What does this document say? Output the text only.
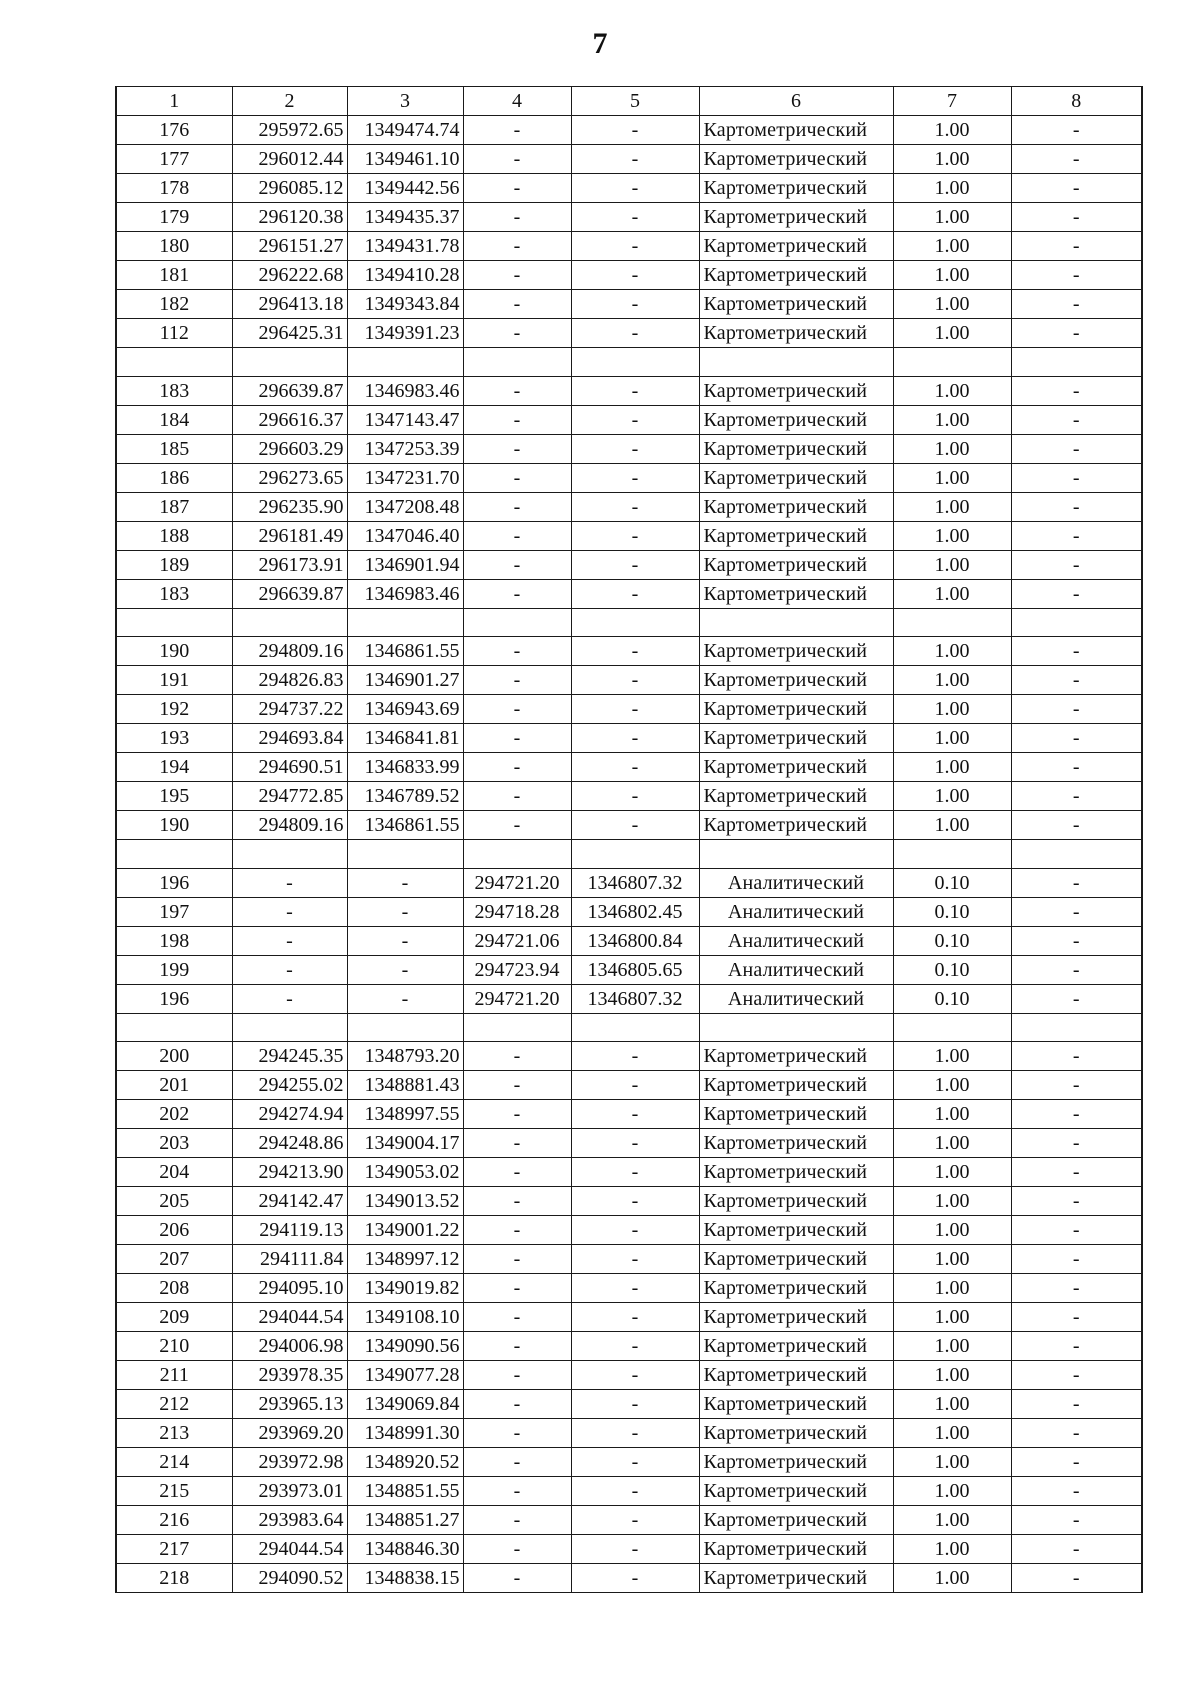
7
1	2	3	4	5	6	7	8
176	295972.65	1349474.74	-	-	Картометрический	1.00	-
177	296012.44	1349461.10	-	-	Картометрический	1.00	-
178	296085.12	1349442.56	-	-	Картометрический	1.00	-
179	296120.38	1349435.37	-	-	Картометрический	1.00	-
180	296151.27	1349431.78	-	-	Картометрический	1.00	-
181	296222.68	1349410.28	-	-	Картометрический	1.00	-
182	296413.18	1349343.84	-	-	Картометрический	1.00	-
112	296425.31	1349391.23	-	-	Картометрический	1.00	-

183	296639.87	1346983.46	-	-	Картометрический	1.00	-
184	296616.37	1347143.47	-	-	Картометрический	1.00	-
185	296603.29	1347253.39	-	-	Картометрический	1.00	-
186	296273.65	1347231.70	-	-	Картометрический	1.00	-
187	296235.90	1347208.48	-	-	Картометрический	1.00	-
188	296181.49	1347046.40	-	-	Картометрический	1.00	-
189	296173.91	1346901.94	-	-	Картометрический	1.00	-
183	296639.87	1346983.46	-	-	Картометрический	1.00	-

190	294809.16	1346861.55	-	-	Картометрический	1.00	-
191	294826.83	1346901.27	-	-	Картометрический	1.00	-
192	294737.22	1346943.69	-	-	Картометрический	1.00	-
193	294693.84	1346841.81	-	-	Картометрический	1.00	-
194	294690.51	1346833.99	-	-	Картометрический	1.00	-
195	294772.85	1346789.52	-	-	Картометрический	1.00	-
190	294809.16	1346861.55	-	-	Картометрический	1.00	-

196	-	-	294721.20	1346807.32	Аналитический	0.10	-
197	-	-	294718.28	1346802.45	Аналитический	0.10	-
198	-	-	294721.06	1346800.84	Аналитический	0.10	-
199	-	-	294723.94	1346805.65	Аналитический	0.10	-
196	-	-	294721.20	1346807.32	Аналитический	0.10	-

200	294245.35	1348793.20	-	-	Картометрический	1.00	-
201	294255.02	1348881.43	-	-	Картометрический	1.00	-
202	294274.94	1348997.55	-	-	Картометрический	1.00	-
203	294248.86	1349004.17	-	-	Картометрический	1.00	-
204	294213.90	1349053.02	-	-	Картометрический	1.00	-
205	294142.47	1349013.52	-	-	Картометрический	1.00	-
206	294119.13	1349001.22	-	-	Картометрический	1.00	-
207	294111.84	1348997.12	-	-	Картометрический	1.00	-
208	294095.10	1349019.82	-	-	Картометрический	1.00	-
209	294044.54	1349108.10	-	-	Картометрический	1.00	-
210	294006.98	1349090.56	-	-	Картометрический	1.00	-
211	293978.35	1349077.28	-	-	Картометрический	1.00	-
212	293965.13	1349069.84	-	-	Картометрический	1.00	-
213	293969.20	1348991.30	-	-	Картометрический	1.00	-
214	293972.98	1348920.52	-	-	Картометрический	1.00	-
215	293973.01	1348851.55	-	-	Картометрический	1.00	-
216	293983.64	1348851.27	-	-	Картометрический	1.00	-
217	294044.54	1348846.30	-	-	Картометрический	1.00	-
218	294090.52	1348838.15	-	-	Картометрический	1.00	-
